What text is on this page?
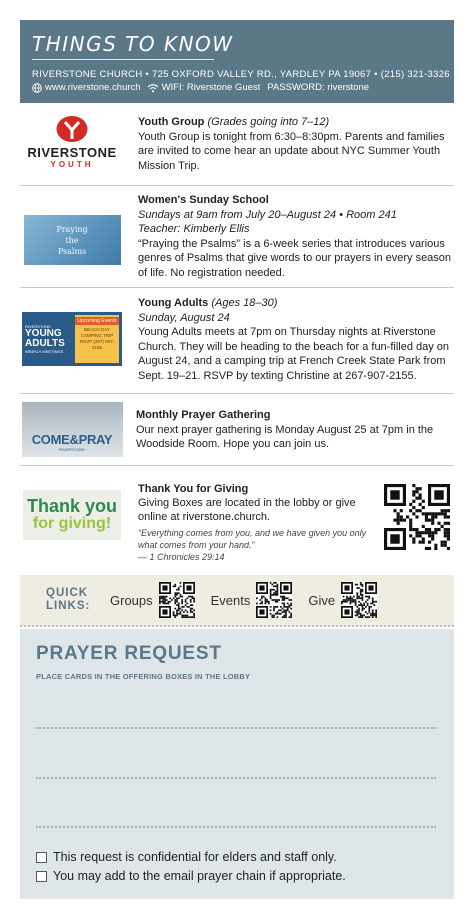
THINGS TO KNOW
RIVERSTONE CHURCH • 725 OXFORD VALLEY RD., YARDLEY PA 19067 • (215) 321-3326
www.riverstone.church WIFI: Riverstone Guest PASSWORD: riverstone
RIVERSTONE
YOUTH
Youth Group (Grades going into 7–12)
Youth Group is tonight from 6:30–8:30pm. Parents and families are invited to come hear an update about NYC Summer Youth Mission Trip.
Praying
the
Psalms
Women's Sunday School
Sundays at 9am from July 20–August 24 • Room 241
Teacher: Kimberly Ellis
“Praying the Psalms” is a 6-week series that introduces various genres of Psalms that give words to our prayers in every season of life. No registration needed.
RIVERSTONE
YOUNG
ADULTS
WEEKLY MEETINGS
Upcoming Events
BEACH DAY
CAMPING TRIP
RSVP (267) 907-2155
Young Adults (Ages 18–30)
Sunday, August 24
Young Adults meets at 7pm on Thursday nights at Riverstone Church. They will be heading to the beach for a fun-filled day on August 24, and a camping trip at French Creek State Park from Sept. 19–21. RSVP by texting Christine at 267-907-2155.
COME&PRAY
RIVERSTONE
Monthly Prayer Gathering
Our next prayer gathering is Monday August 25 at 7pm in the Woodside Room. Hope you can join us.
Thank you
for giving!
Thank You for Giving
Giving Boxes are located in the lobby or give online at riverstone.church.
“Everything comes from you, and we have given you only what comes from your hand.”
— 1 Chronicles 29:14
QUICK
LINKS:	Groups	Events	Give
PRAYER REQUEST
PLACE CARDS IN THE OFFERING BOXES IN THE LOBBY
This request is confidential for elders and staff only.
You may add to the email prayer chain if appropriate.
